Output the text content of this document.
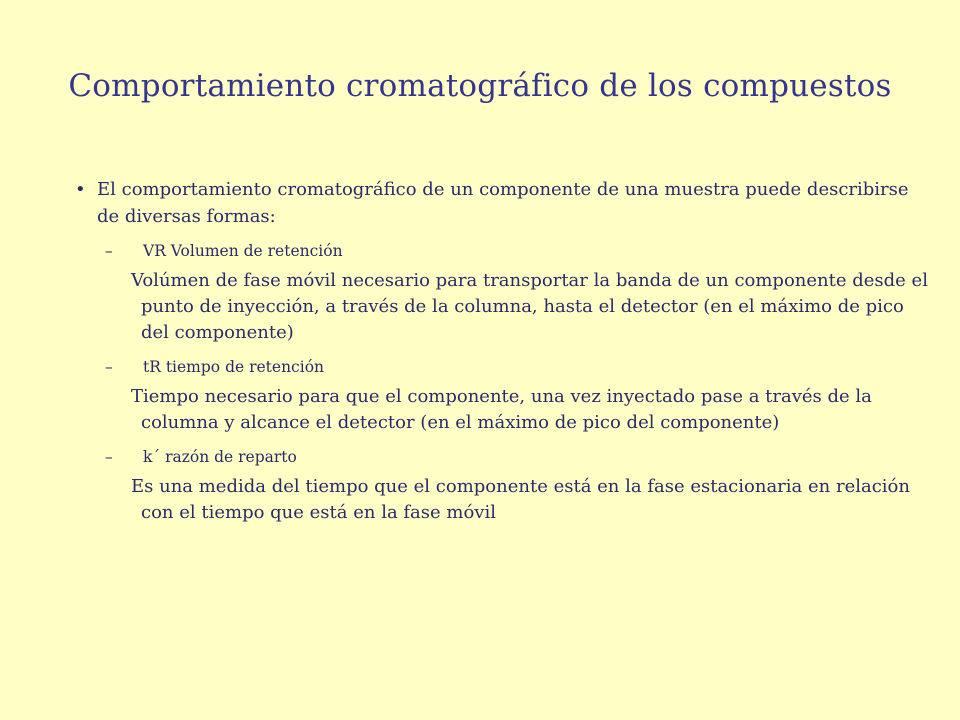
Comportamiento cromatográfico de los compuestos
• El comportamiento cromatográfico de un componente de una muestra puede describirse de diversas formas:
– VR Volumen de retención
Volúmen de fase móvil necesario para transportar la banda de un componente desde el punto de inyección, a través de la columna, hasta el detector (en el máximo de pico del componente)
– tR tiempo de retención
Tiempo necesario para que el componente, una vez inyectado pase a través de la columna y alcance el detector (en el máximo de pico del componente)
– k´ razón de reparto
Es una medida del tiempo que el componente está en la fase estacionaria en relación con el tiempo que está en la fase móvil
